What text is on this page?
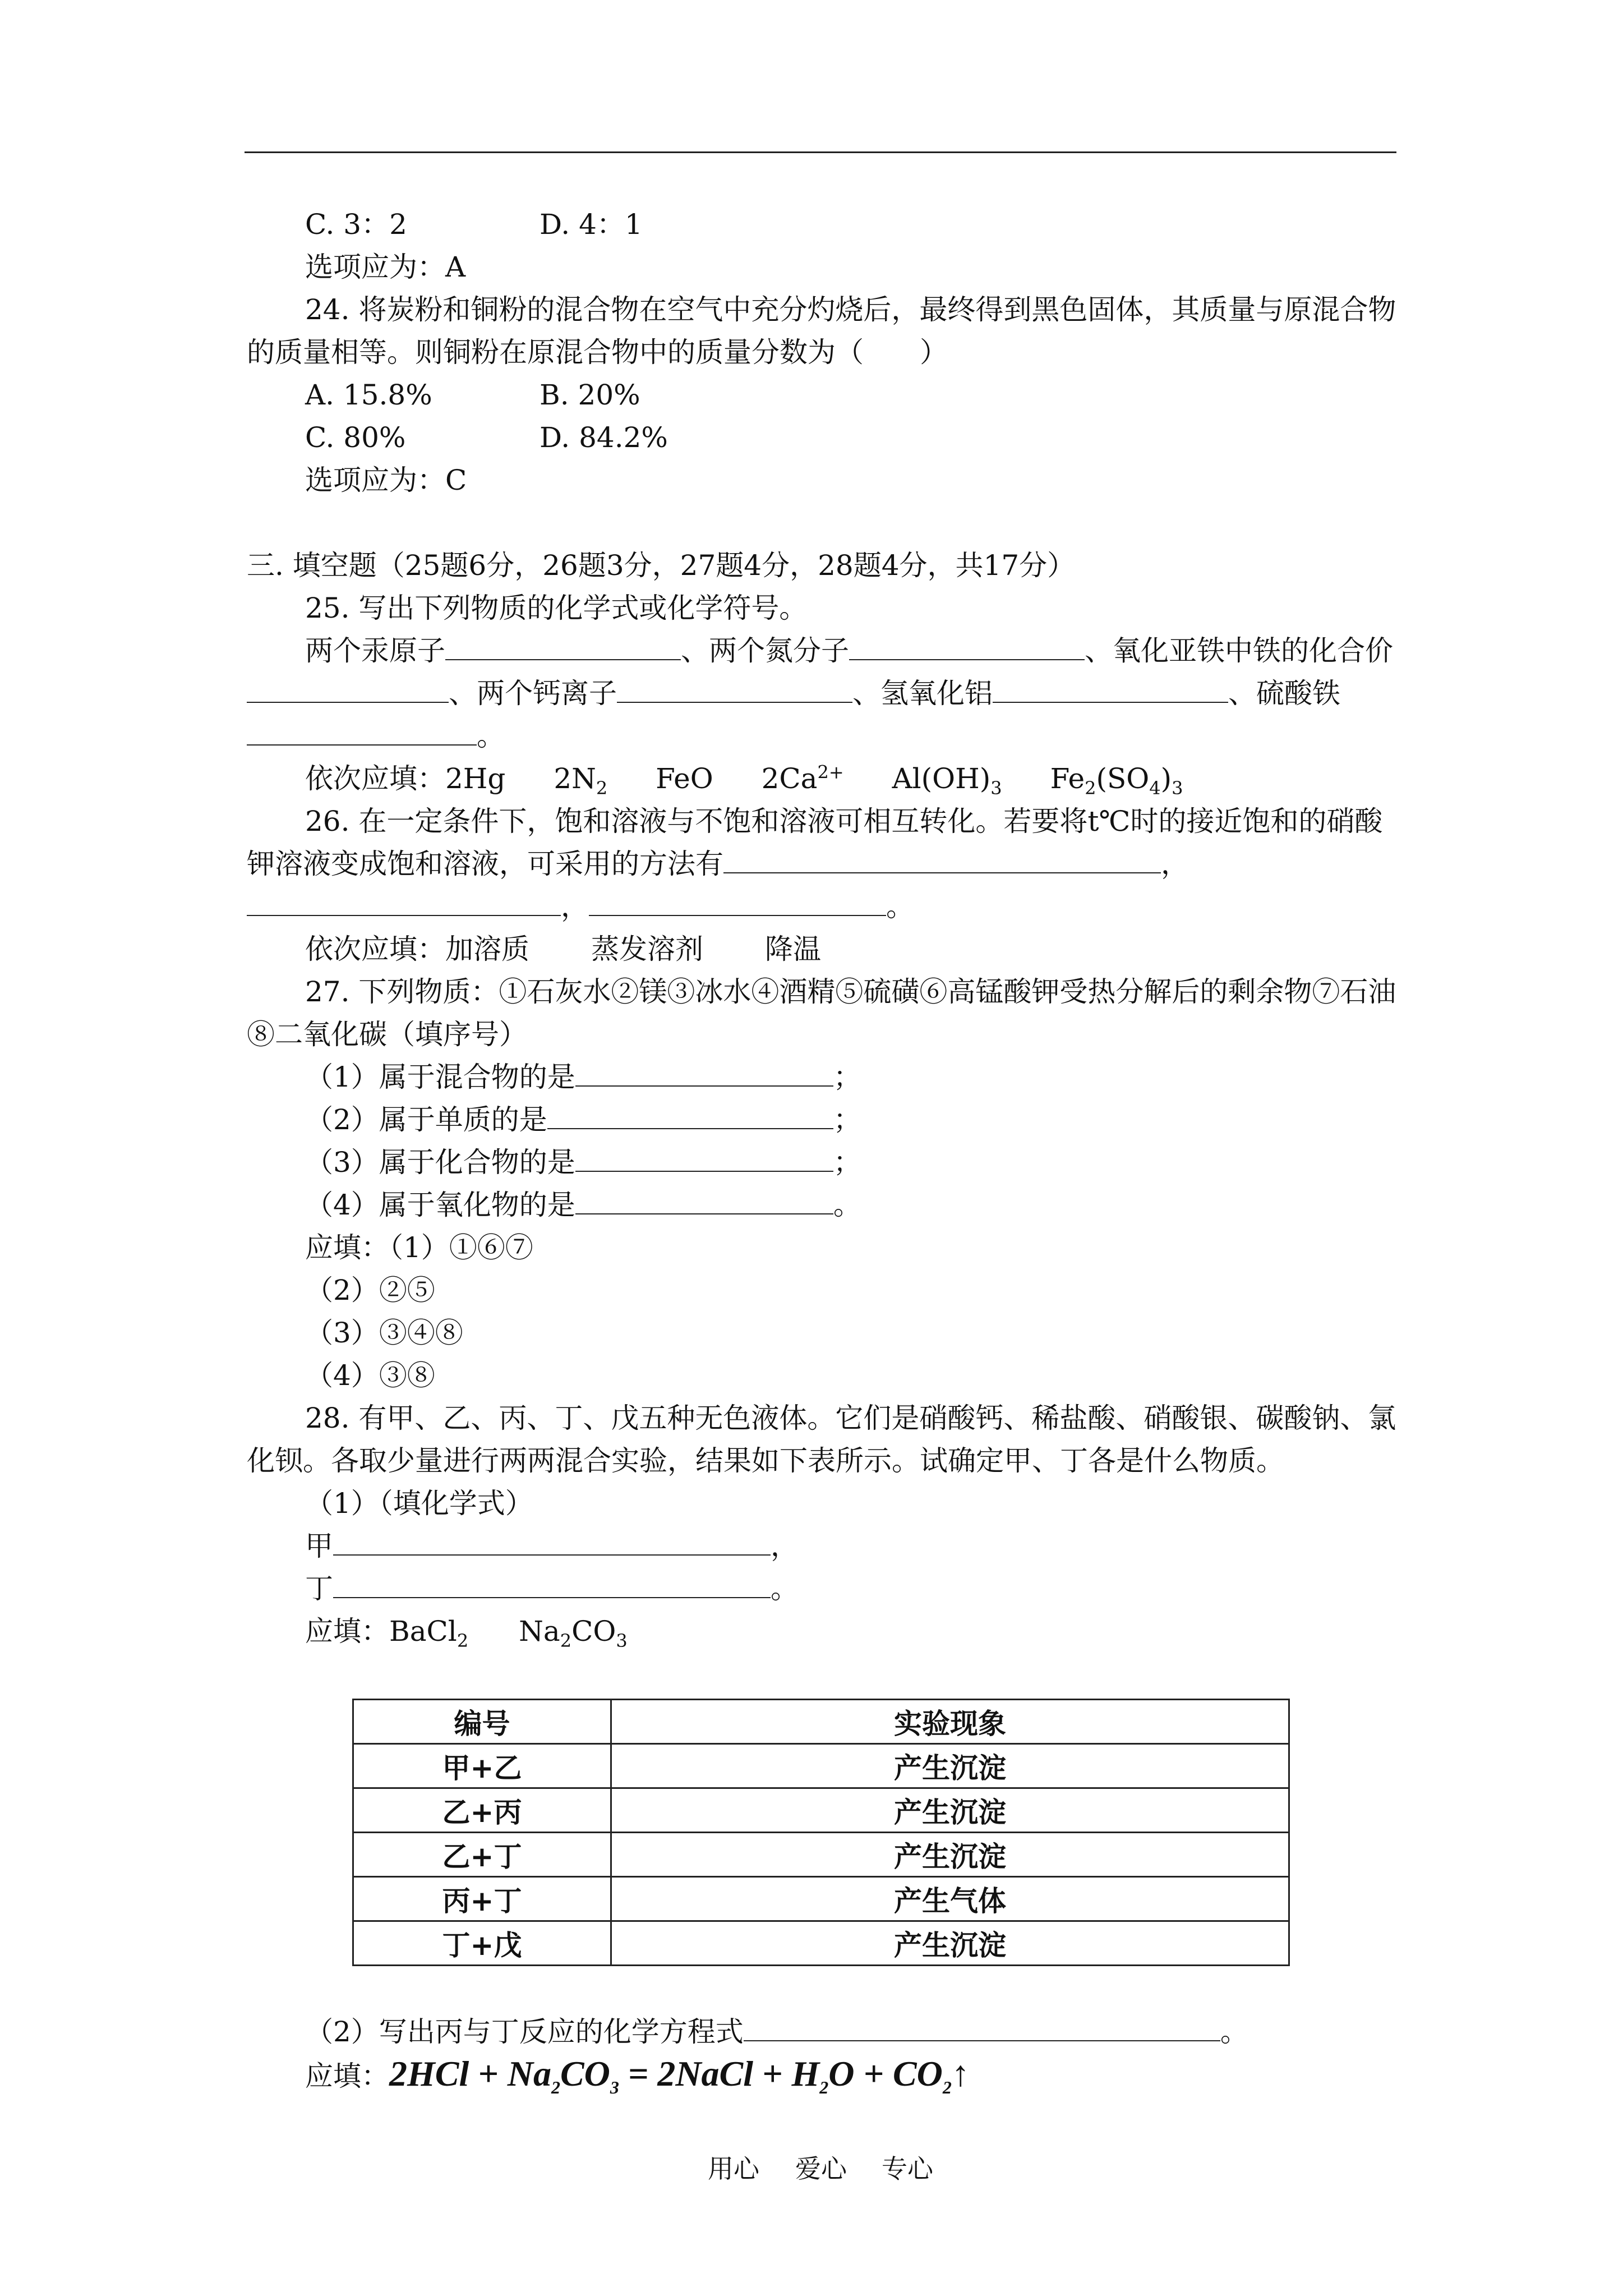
C. 3：2	D. 4：1
选项应为：A
24. 将炭粉和铜粉的混合物在空气中充分灼烧后，最终得到黑色固体，其质量与原混合物
的质量相等。则铜粉在原混合物中的质量分数为（　　）
A. 15.8%	B. 20%
C. 80%	D. 84.2%
选项应为：C
三. 填空题（25题6分，26题3分，27题4分，28题4分，共17分）
25. 写出下列物质的化学式或化学符号。
两个汞原子	、两个氮分子	、氧化亚铁中铁的化合价
、两个钙离子	、氢氧化铝	、硫酸铁
。
依次应填：2Hg $2N_2$ FeO $2Ca^{2+}$ $Al(OH)_3$ $Fe_2(SO_4)_3$
26. 在一定条件下，饱和溶液与不饱和溶液可相互转化。若要将t℃时的接近饱和的硝酸
钾溶液变成饱和溶液，可采用的方法有	，
，	。
依次应填：加溶质 蒸发溶剂 降温
27. 下列物质：①石灰水②镁③冰水④酒精⑤硫磺⑥高锰酸钾受热分解后的剩余物⑦石油
⑧二氧化碳（填序号）
（1）属于混合物的是	；
（2）属于单质的是	；
（3）属于化合物的是	；
（4）属于氧化物的是	。
应填：（1）①⑥⑦
（2）②⑤
（3）③④⑧
（4）③⑧
28. 有甲、乙、丙、丁、戊五种无色液体。它们是硝酸钙、稀盐酸、硝酸银、碳酸钠、氯
化钡。各取少量进行两两混合实验，结果如下表所示。试确定甲、丁各是什么物质。
（1）（填化学式）
甲	，
丁	。
应填：BaCl$_2$ $Na_2CO_3$
编号	实验现象
甲+乙	产生沉淀
乙+丙	产生沉淀
乙+丁	产生沉淀
丙+丁	产生气体
丁+戊	产生沉淀
（2）写出丙与丁反应的化学方程式	。
应填：$2HCl + Na_2CO_3$ = 2NaCl + $H_2O$ + $CO_2↑$
用心 爱心 专心
